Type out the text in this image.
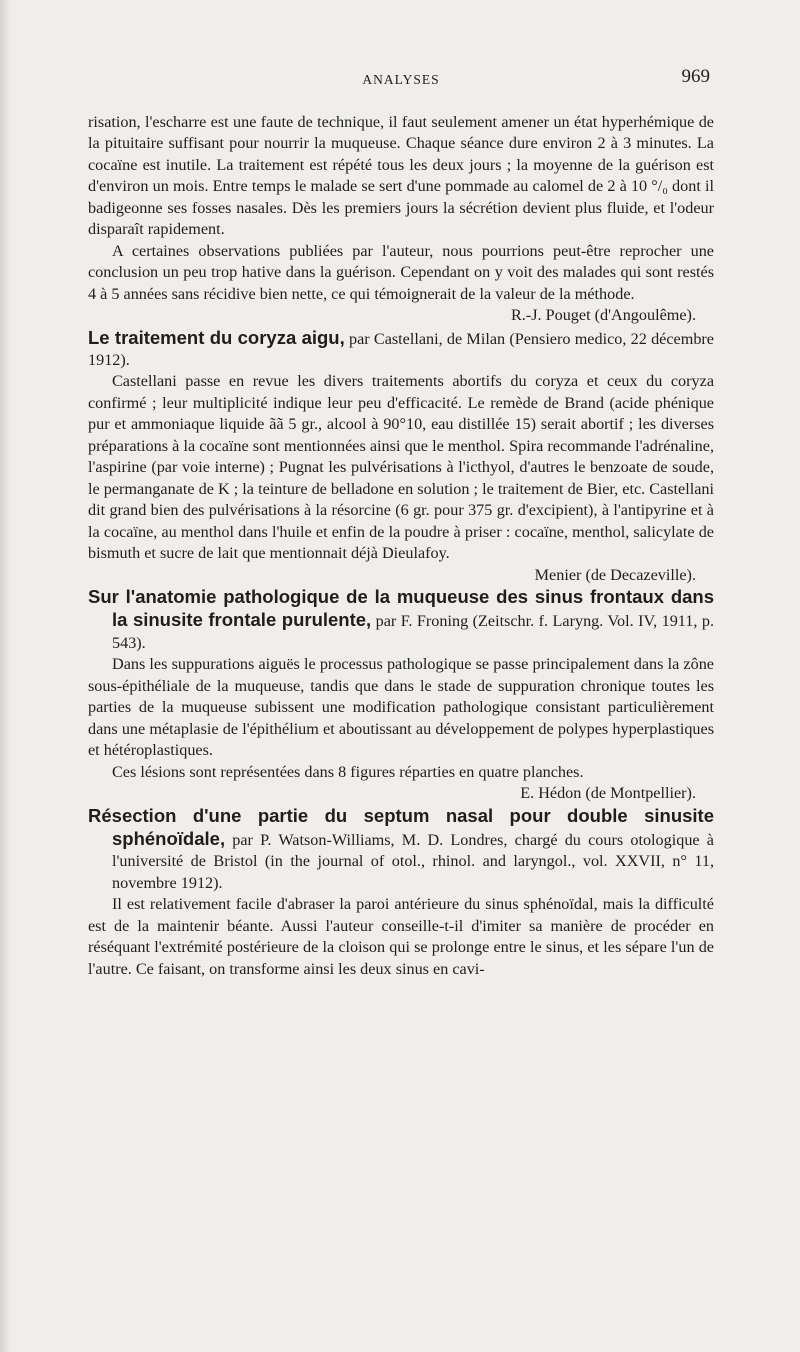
ANALYSES	969

risation, l'escharre est une faute de technique, il faut seulement amener un état hyperhémique de la pituitaire suffisant pour nourrir la muqueuse. Chaque séance dure environ 2 à 3 minutes. La cocaïne est inutile. La traitement est répété tous les deux jours ; la moyenne de la guérison est d'environ un mois. Entre temps le malade se sert d'une pommade au calomel de 2 à 10 °/₀ dont il badigeonne ses fosses nasales. Dès les premiers jours la sécrétion devient plus fluide, et l'odeur disparaît rapidement.

A certaines observations publiées par l'auteur, nous pourrions peut-être reprocher une conclusion un peu trop hative dans la guérison. Cependant on y voit des malades qui sont restés 4 à 5 années sans récidive bien nette, ce qui témoignerait de la valeur de la méthode.

R.-J. Pouget (d'Angoulême).

Le traitement du coryza aigu, par Castellani, de Milan (Pensiero medico, 22 décembre 1912).

Castellani passe en revue les divers traitements abortifs du coryza et ceux du coryza confirmé ; leur multiplicité indique leur peu d'efficacité. Le remède de Brand (acide phénique pur et ammoniaque liquide ãã 5 gr., alcool à 90°10, eau distillée 15) serait abortif ; les diverses préparations à la cocaïne sont mentionnées ainsi que le menthol. Spira recommande l'adrénaline, l'aspirine (par voie interne) ; Pugnat les pulvérisations à l'icthyol, d'autres le benzoate de soude, le permanganate de K ; la teinture de belladone en solution ; le traitement de Bier, etc. Castellani dit grand bien des pulvérisations à la résorcine (6 gr. pour 375 gr. d'excipient), à l'antipyrine et à la cocaïne, au menthol dans l'huile et enfin de la poudre à priser : cocaïne, menthol, salicylate de bismuth et sucre de lait que mentionnait déjà Dieulafoy.

Menier (de Decazeville).

Sur l'anatomie pathologique de la muqueuse des sinus frontaux dans la sinusite frontale purulente, par F. Froning (Zeitschr. f. Laryng. Vol. IV, 1911, p. 543).

Dans les suppurations aiguës le processus pathologique se passe principalement dans la zône sous-épithéliale de la muqueuse, tandis que dans le stade de suppuration chronique toutes les parties de la muqueuse subissent une modification pathologique consistant particulièrement dans une métaplasie de l'épithélium et aboutissant au développement de polypes hyperplastiques et hétéroplastiques.

Ces lésions sont représentées dans 8 figures réparties en quatre planches.

E. Hédon (de Montpellier).

Résection d'une partie du septum nasal pour double sinusite sphénoïdale, par P. Watson-Williams, M. D. Londres, chargé du cours otologique à l'université de Bristol (in the journal of otol., rhinol. and laryngol., vol. XXVII, n° 11, novembre 1912).

Il est relativement facile d'abraser la paroi antérieure du sinus sphénoïdal, mais la difficulté est de la maintenir béante. Aussi l'auteur conseille-t-il d'imiter sa manière de procéder en réséquant l'extrémité postérieure de la cloison qui se prolonge entre le sinus, et les sépare l'un de l'autre. Ce faisant, on transforme ainsi les deux sinus en cavi-
